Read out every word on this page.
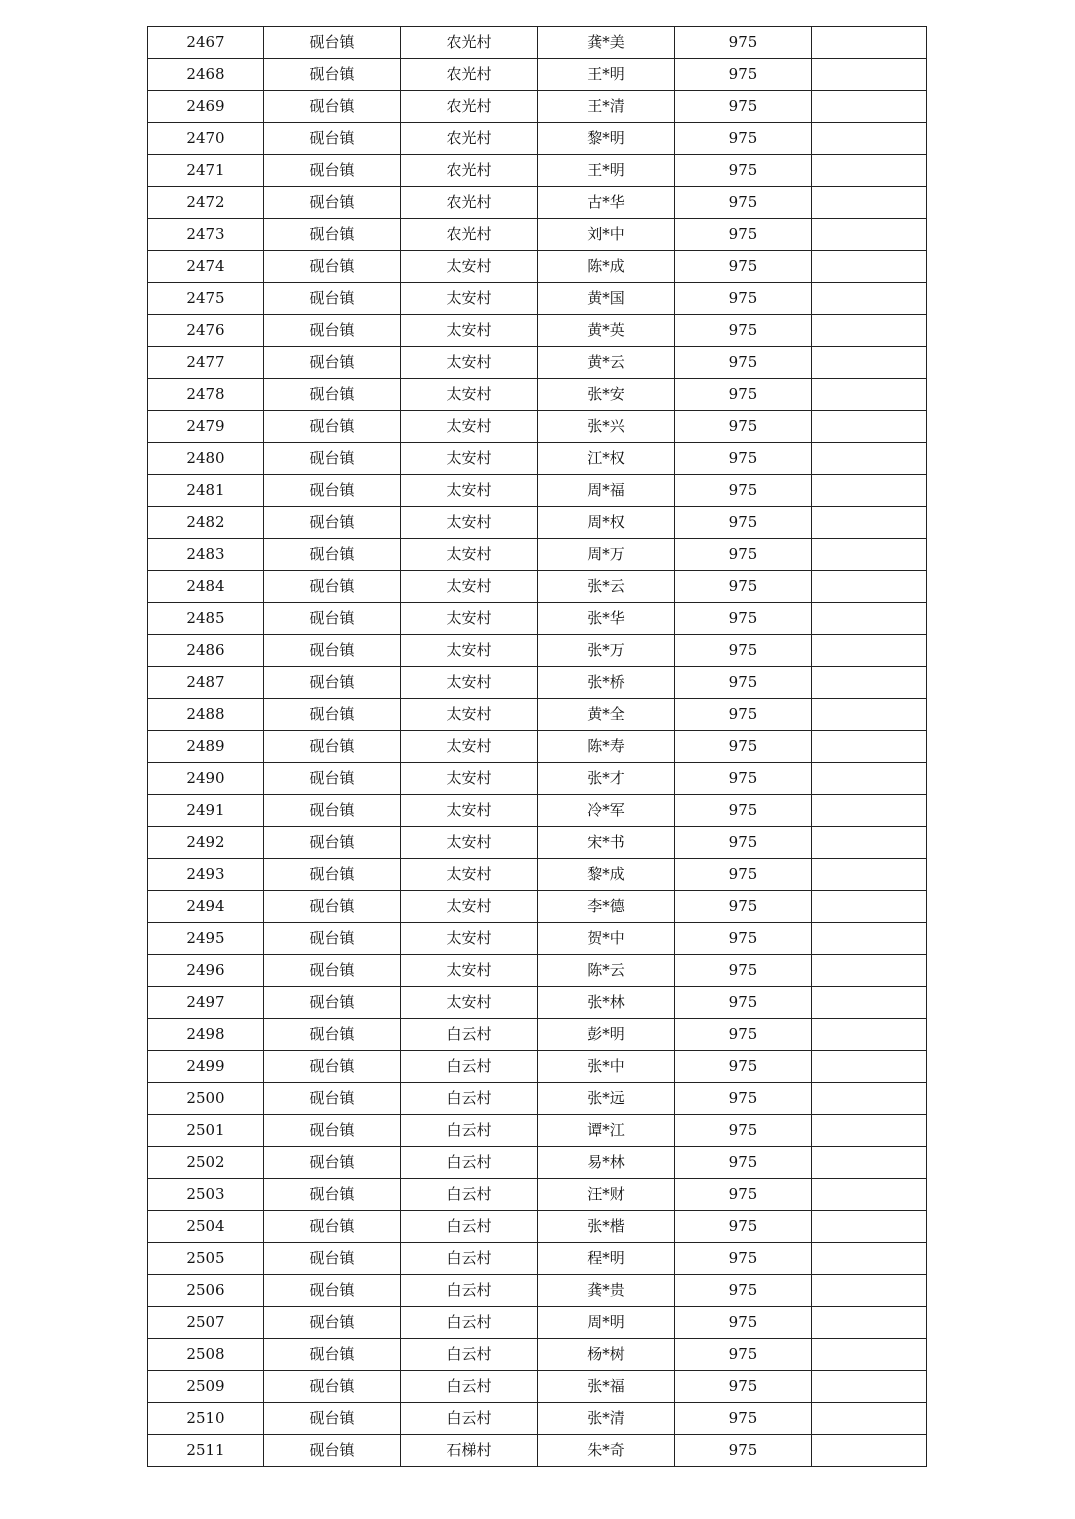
2467	砚台镇	农光村	龚*美	975	
2468	砚台镇	农光村	王*明	975	
2469	砚台镇	农光村	王*清	975	
2470	砚台镇	农光村	黎*明	975	
2471	砚台镇	农光村	王*明	975	
2472	砚台镇	农光村	古*华	975	
2473	砚台镇	农光村	刘*中	975	
2474	砚台镇	太安村	陈*成	975	
2475	砚台镇	太安村	黄*国	975	
2476	砚台镇	太安村	黄*英	975	
2477	砚台镇	太安村	黄*云	975	
2478	砚台镇	太安村	张*安	975	
2479	砚台镇	太安村	张*兴	975	
2480	砚台镇	太安村	江*权	975	
2481	砚台镇	太安村	周*福	975	
2482	砚台镇	太安村	周*权	975	
2483	砚台镇	太安村	周*万	975	
2484	砚台镇	太安村	张*云	975	
2485	砚台镇	太安村	张*华	975	
2486	砚台镇	太安村	张*万	975	
2487	砚台镇	太安村	张*桥	975	
2488	砚台镇	太安村	黄*全	975	
2489	砚台镇	太安村	陈*寿	975	
2490	砚台镇	太安村	张*才	975	
2491	砚台镇	太安村	冷*军	975	
2492	砚台镇	太安村	宋*书	975	
2493	砚台镇	太安村	黎*成	975	
2494	砚台镇	太安村	李*德	975	
2495	砚台镇	太安村	贺*中	975	
2496	砚台镇	太安村	陈*云	975	
2497	砚台镇	太安村	张*林	975	
2498	砚台镇	白云村	彭*明	975	
2499	砚台镇	白云村	张*中	975	
2500	砚台镇	白云村	张*远	975	
2501	砚台镇	白云村	谭*江	975	
2502	砚台镇	白云村	易*林	975	
2503	砚台镇	白云村	汪*财	975	
2504	砚台镇	白云村	张*楷	975	
2505	砚台镇	白云村	程*明	975	
2506	砚台镇	白云村	龚*贵	975	
2507	砚台镇	白云村	周*明	975	
2508	砚台镇	白云村	杨*树	975	
2509	砚台镇	白云村	张*福	975	
2510	砚台镇	白云村	张*清	975	
2511	砚台镇	石梯村	朱*奇	975	
